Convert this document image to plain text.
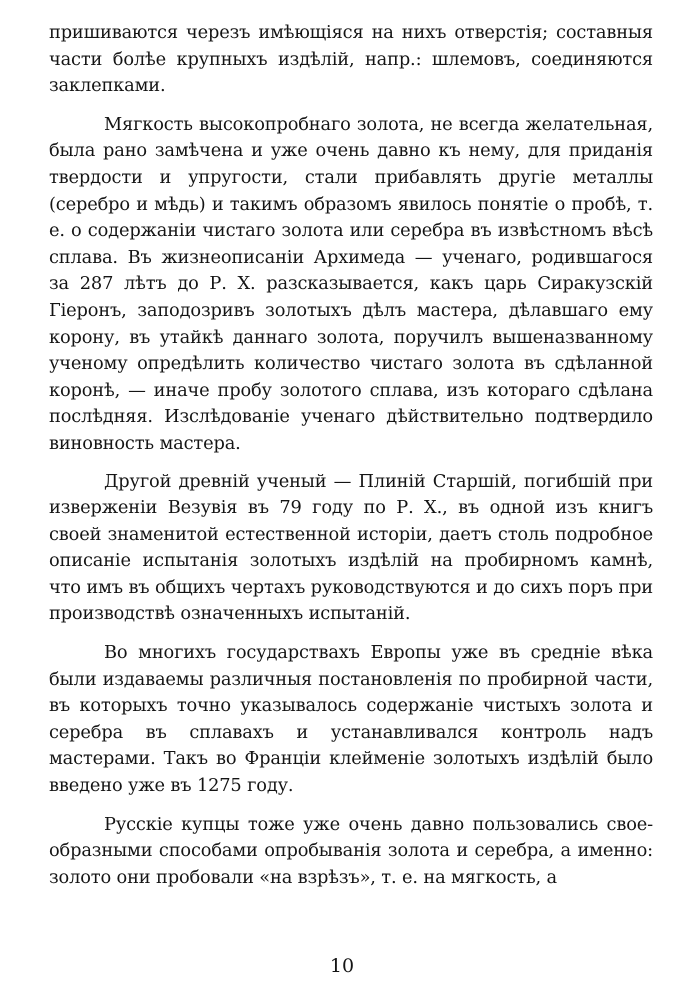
пришиваются черезъ имѣющіяся на нихъ отверстія; составныя части болѣе крупныхъ издѣлій, напр.: шлемовъ, соединяются заклепками.

Мягкость высокопробнаго золота, не всегда желательная, была рано замѣчена и уже очень давно къ нему, для приданія твердости и упругости, стали прибавлять другіе металлы (серебро и мѣдь) и такимъ образомъ явилось понятіе о пробѣ, т. е. о содержаніи чистаго золота или серебра въ извѣстномъ вѣсѣ сплава. Въ жизнеописаніи Архимеда — ученаго, родившагося за 287 лѣтъ до Р. Х. разсказывается, какъ царь Сиракузскій Гіеронъ, заподозривъ золотыхъ дѣлъ мастера, дѣлавшаго ему корону, въ утайкѣ даннаго золота, поручилъ вышеназванному ученому опредѣлить количество чистаго золота въ сдѣланной коронѣ, — иначе пробу золотого сплава, изъ котораго сдѣлана послѣдняя. Изслѣдованіе ученаго дѣйствительно подтвердило виновность мастера.

Другой древній ученый — Плиній Старшій, погибшій при изверженіи Везувія въ 79 году по Р. Х., въ одной изъ книгъ своей знаменитой естественной исторіи, даетъ столь подробное описаніе испытанія золотыхъ издѣлій на пробирномъ камнѣ, что имъ въ общихъ чертахъ руководствуются и до сихъ поръ при производствѣ означенныхъ испытаній.

Во многихъ государствахъ Европы уже въ средніе вѣка были издаваемы различныя постановленія по пробирной части, въ которыхъ точно указывалось содержаніе чистыхъ золота и серебра въ сплавахъ и устанавливался контроль надъ мастерами. Такъ во Франціи клейменіе золотыхъ издѣлій было введено уже въ 1275 году.

Русскіе купцы тоже уже очень давно пользовались свое-образными способами опробыванія золота и серебра, а именно: золото они пробовали «на взрѣзъ», т. е. на мягкость, а

10
